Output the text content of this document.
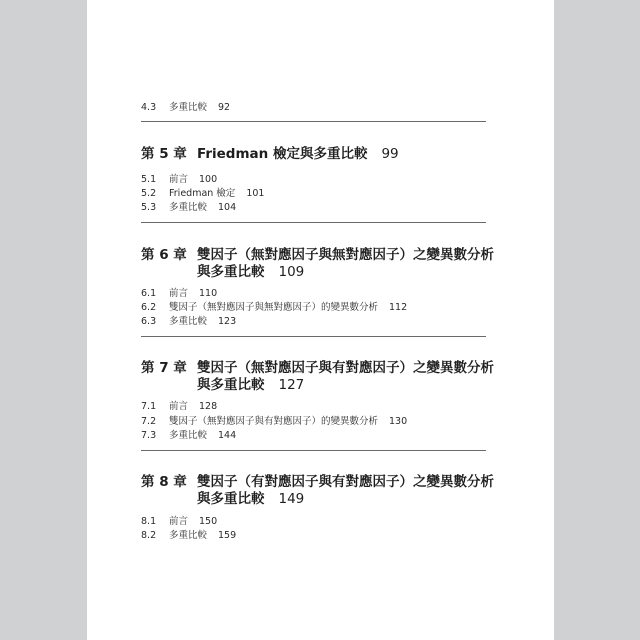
4.3	多重比較 92
第 5 章 Friedman 檢定與多重比較 99
5.1	前言 100
5.2	Friedman 檢定 101
5.3	多重比較 104
第 6 章 雙因子（無對應因子與無對應因子）之變異數分析
與多重比較 109
6.1	前言 110
6.2	雙因子（無對應因子與無對應因子）的變異數分析 112
6.3	多重比較 123
第 7 章 雙因子（無對應因子與有對應因子）之變異數分析
與多重比較 127
7.1	前言 128
7.2	雙因子（無對應因子與有對應因子）的變異數分析 130
7.3	多重比較 144
第 8 章 雙因子（有對應因子與有對應因子）之變異數分析
與多重比較 149
8.1	前言 150
8.2	多重比較 159
